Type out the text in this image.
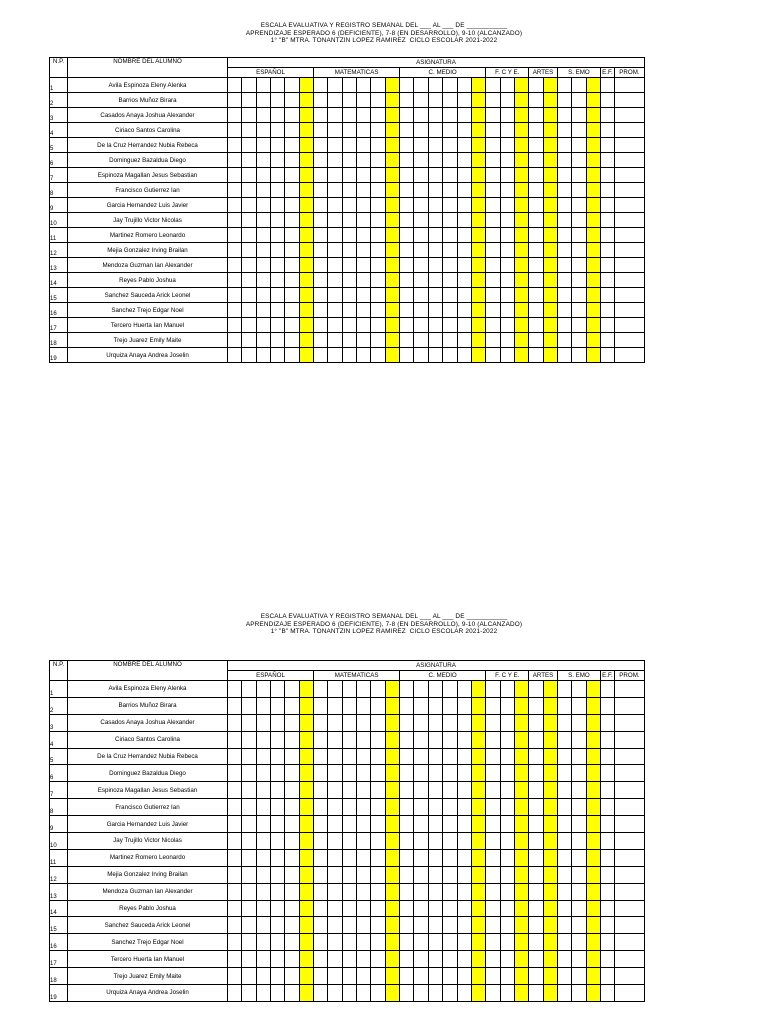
ESCALA EVALUATIVA Y REGISTRO SEMANAL DEL ___ AL ___ DE ___________
APRENDIZAJE ESPERADO 6 (DEFICIENTE), 7-8 (EN DESARROLLO), 9-10 (ALCANZADO)
1° "B" MTRA. TONANTZIN LOPEZ RAMIREZ  CICLO ESCOLAR 2021-2022
N.P.	NOMBRE DEL ALUMNO	ASIGNATURA																											
		ESPAÑOL						MATEMATICAS						C. MEDIO						F. C Y E.			ARTES		S. EMO			E.F.	PROM.
1	Avila Espinoza Eleny Alenka																												
2	Barrios Muñoz Birara																												
3	Casados Anaya Joshua Alexander																												
4	Ciriaco Santos Carolina																												
5	De la Cruz Herrandez Nubia Rebeca																												
6	Dominguez Bazaldua Diego																												
7	Espinoza Magallan Jesus Sebastian																												
8	Francisco Gutierrez Ian																												
9	Garcia Hernandez Luis Javier																												
10	Jay Trujillo Victor Nicolas																												
11	Martinez Romero Leonardo																												
12	Mejia Gonzalez Irving Brailan																												
13	Mendoza Guzman Ian Alexander																												
14	Reyes Pablo Joshua																												
15	Sanchez Sauceda Arick Leonel																												
16	Sanchez Trejo Edgar Noel																												
17	Tercero Huerta Ian Manuel																												
18	Trejo Juarez Emily Maite																												
19	Urquiza Anaya Andrea Joselin																												
ESCALA EVALUATIVA Y REGISTRO SEMANAL DEL ___ AL ___ DE ___________
APRENDIZAJE ESPERADO 6 (DEFICIENTE), 7-8 (EN DESARROLLO), 9-10 (ALCANZADO)
1° "B" MTRA. TONANTZIN LOPEZ RAMIREZ  CICLO ESCOLAR 2021-2022
N.P.	NOMBRE DEL ALUMNO	ASIGNATURA																											
		ESPAÑOL						MATEMATICAS						C. MEDIO						F. C Y E.			ARTES		S. EMO			E.F.	PROM.
1	Avila Espinoza Eleny Alenka																												
2	Barrios Muñoz Birara																												
3	Casados Anaya Joshua Alexander																												
4	Ciriaco Santos Carolina																												
5	De la Cruz Herrandez Nubia Rebeca																												
6	Dominguez Bazaldua Diego																												
7	Espinoza Magallan Jesus Sebastian																												
8	Francisco Gutierrez Ian																												
9	Garcia Hernandez Luis Javier																												
10	Jay Trujillo Victor Nicolas																												
11	Martinez Romero Leonardo																												
12	Mejia Gonzalez Irving Brailan																												
13	Mendoza Guzman Ian Alexander																												
14	Reyes Pablo Joshua																												
15	Sanchez Sauceda Arick Leonel																												
16	Sanchez Trejo Edgar Noel																												
17	Tercero Huerta Ian Manuel																												
18	Trejo Juarez Emily Maite																												
19	Urquiza Anaya Andrea Joselin																												
